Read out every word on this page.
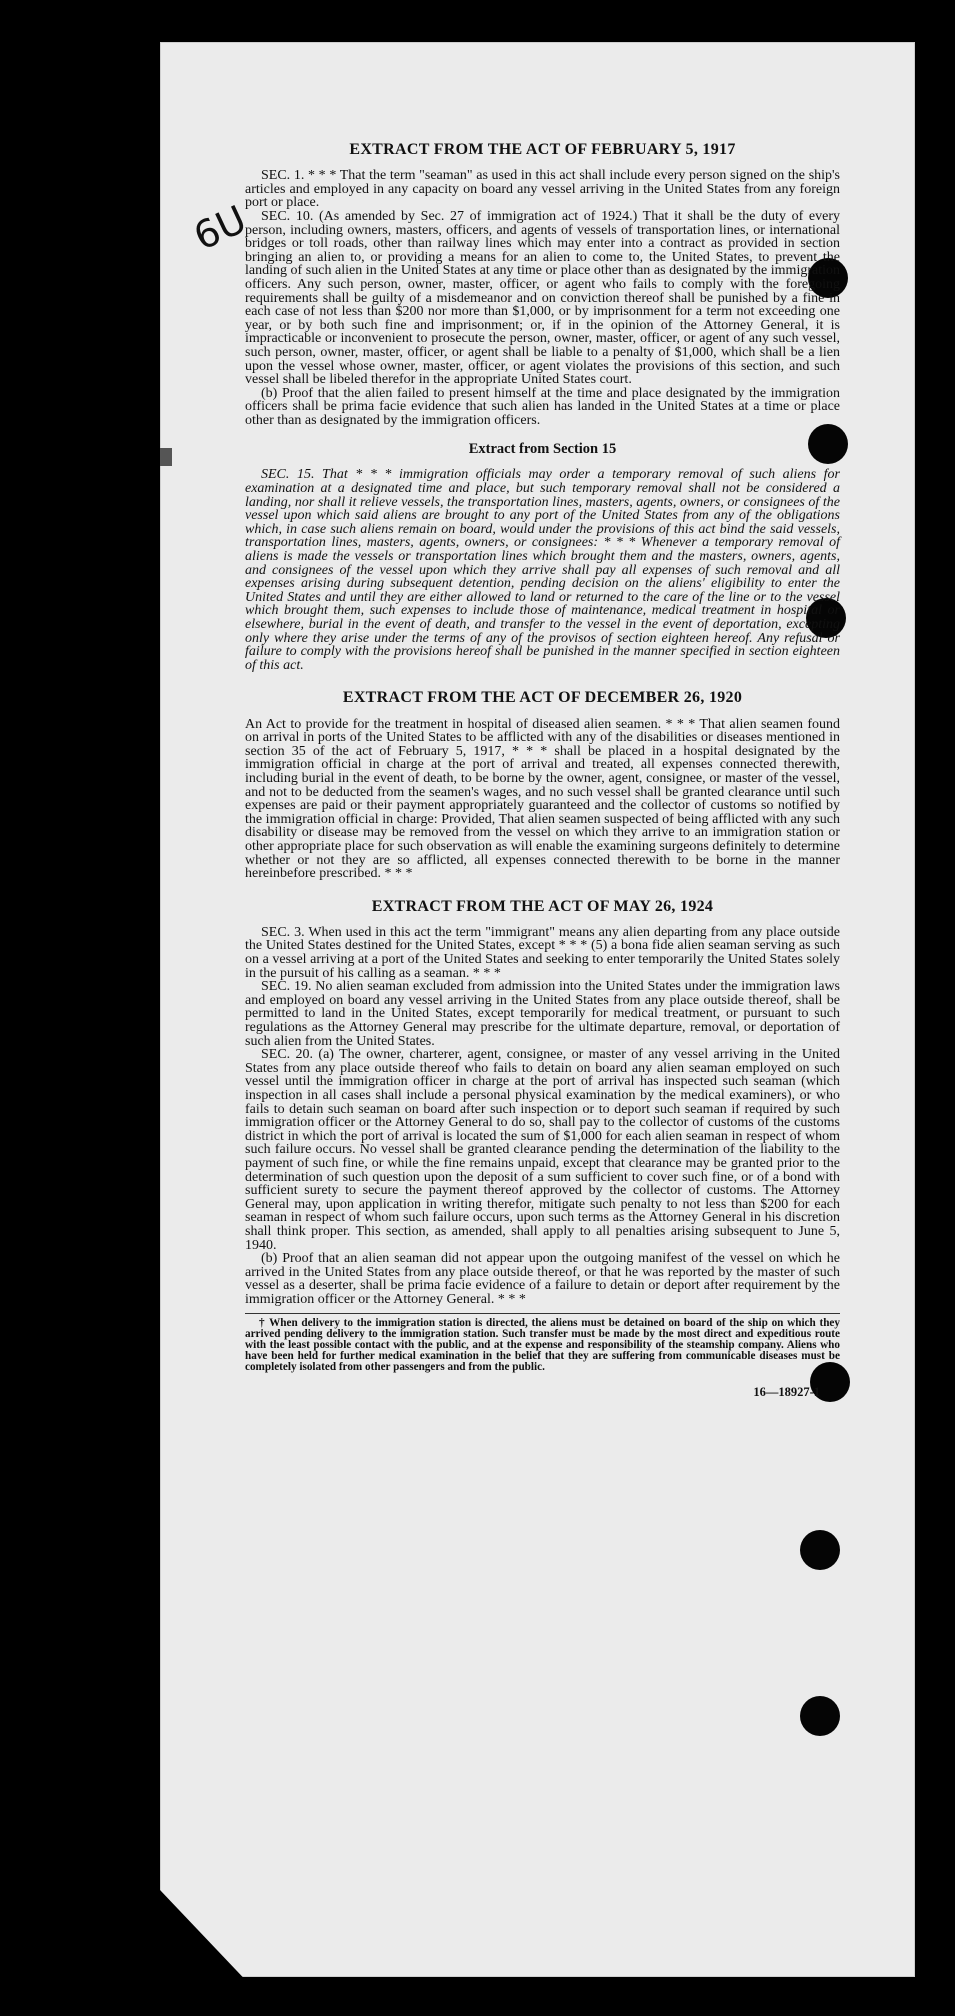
6U
EXTRACT FROM THE ACT OF FEBRUARY 5, 1917

SEC. 1. * * * That the term "seaman" as used in this act shall include every person signed on the ship's articles and employed in any capacity on board any vessel arriving in the United States from any foreign port or place.

SEC. 10. (As amended by Sec. 27 of immigration act of 1924.) That it shall be the duty of every person, including owners, masters, officers, and agents of vessels of transportation lines, or international bridges or toll roads, other than railway lines which may enter into a contract as provided in section bringing an alien to, or providing a means for an alien to come to, the United States, to prevent the landing of such alien in the United States at any time or place other than as designated by the immigration officers. Any such person, owner, master, officer, or agent who fails to comply with the foregoing requirements shall be guilty of a misdemeanor and on conviction thereof shall be punished by a fine in each case of not less than $200 nor more than $1,000, or by imprisonment for a term not exceeding one year, or by both such fine and imprisonment; or, if in the opinion of the Attorney General, it is impracticable or inconvenient to prosecute the person, owner, master, officer, or agent of any such vessel, such person, owner, master, officer, or agent shall be liable to a penalty of $1,000, which shall be a lien upon the vessel whose owner, master, officer, or agent violates the provisions of this section, and such vessel shall be libeled therefor in the appropriate United States court.

(b) Proof that the alien failed to present himself at the time and place designated by the immigration officers shall be prima facie evidence that such alien has landed in the United States at a time or place other than as designated by the immigration officers.

Extract from Section 15

SEC. 15. That * * * immigration officials may order a temporary removal of such aliens for examination at a designated time and place, but such temporary removal shall not be considered a landing, nor shall it relieve vessels, the transportation lines, masters, agents, owners, or consignees of the vessel upon which said aliens are brought to any port of the United States from any of the obligations which, in case such aliens remain on board, would under the provisions of this act bind the said vessels, transportation lines, masters, agents, owners, or consignees: * * * Whenever a temporary removal of aliens is made the vessels or transportation lines which brought them and the masters, owners, agents, and consignees of the vessel upon which they arrive shall pay all expenses of such removal and all expenses arising during subsequent detention, pending decision on the aliens' eligibility to enter the United States and until they are either allowed to land or returned to the care of the line or to the vessel which brought them, such expenses to include those of maintenance, medical treatment in hospital or elsewhere, burial in the event of death, and transfer to the vessel in the event of deportation, excepting only where they arise under the terms of any of the provisos of section eighteen hereof. Any refusal or failure to comply with the provisions hereof shall be punished in the manner specified in section eighteen of this act.

EXTRACT FROM THE ACT OF DECEMBER 26, 1920

An Act to provide for the treatment in hospital of diseased alien seamen. * * * That alien seamen found on arrival in ports of the United States to be afflicted with any of the disabilities or diseases mentioned in section 35 of the act of February 5, 1917, * * * shall be placed in a hospital designated by the immigration official in charge at the port of arrival and treated, all expenses connected therewith, including burial in the event of death, to be borne by the owner, agent, consignee, or master of the vessel, and not to be deducted from the seamen's wages, and no such vessel shall be granted clearance until such expenses are paid or their payment appropriately guaranteed and the collector of customs so notified by the immigration official in charge: Provided, That alien seamen suspected of being afflicted with any such disability or disease may be removed from the vessel on which they arrive to an immigration station or other appropriate place for such observation as will enable the examining surgeons definitely to determine whether or not they are so afflicted, all expenses connected therewith to be borne in the manner hereinbefore prescribed. * * *

EXTRACT FROM THE ACT OF MAY 26, 1924

SEC. 3. When used in this act the term "immigrant" means any alien departing from any place outside the United States destined for the United States, except * * * (5) a bona fide alien seaman serving as such on a vessel arriving at a port of the United States and seeking to enter temporarily the United States solely in the pursuit of his calling as a seaman. * * *

SEC. 19. No alien seaman excluded from admission into the United States under the immigration laws and employed on board any vessel arriving in the United States from any place outside thereof, shall be permitted to land in the United States, except temporarily for medical treatment, or pursuant to such regulations as the Attorney General may prescribe for the ultimate departure, removal, or deportation of such alien from the United States.

SEC. 20. (a) The owner, charterer, agent, consignee, or master of any vessel arriving in the United States from any place outside thereof who fails to detain on board any alien seaman employed on such vessel until the immigration officer in charge at the port of arrival has inspected such seaman (which inspection in all cases shall include a personal physical examination by the medical examiners), or who fails to detain such seaman on board after such inspection or to deport such seaman if required by such immigration officer or the Attorney General to do so, shall pay to the collector of customs of the customs district in which the port of arrival is located the sum of $1,000 for each alien seaman in respect of whom such failure occurs. No vessel shall be granted clearance pending the determination of the liability to the payment of such fine, or while the fine remains unpaid, except that clearance may be granted prior to the determination of such question upon the deposit of a sum sufficient to cover such fine, or of a bond with sufficient surety to secure the payment thereof approved by the collector of customs. The Attorney General may, upon application in writing therefor, mitigate such penalty to not less than $200 for each seaman in respect of whom such failure occurs, upon such terms as the Attorney General in his discretion shall think proper. This section, as amended, shall apply to all penalties arising subsequent to June 5, 1940.

(b) Proof that an alien seaman did not appear upon the outgoing manifest of the vessel on which he arrived in the United States from any place outside thereof, or that he was reported by the master of such vessel as a deserter, shall be prima facie evidence of a failure to detain or deport after requirement by the immigration officer or the Attorney General. * * *

† When delivery to the immigration station is directed, the aliens must be detained on board of the ship on which they arrived pending delivery to the immigration station. Such transfer must be made by the most direct and expeditious route with the least possible contact with the public, and at the expense and responsibility of the steamship company. Aliens who have been held for further medical examination in the belief that they are suffering from communicable diseases must be completely isolated from other passengers and from the public.
16—18927-1
